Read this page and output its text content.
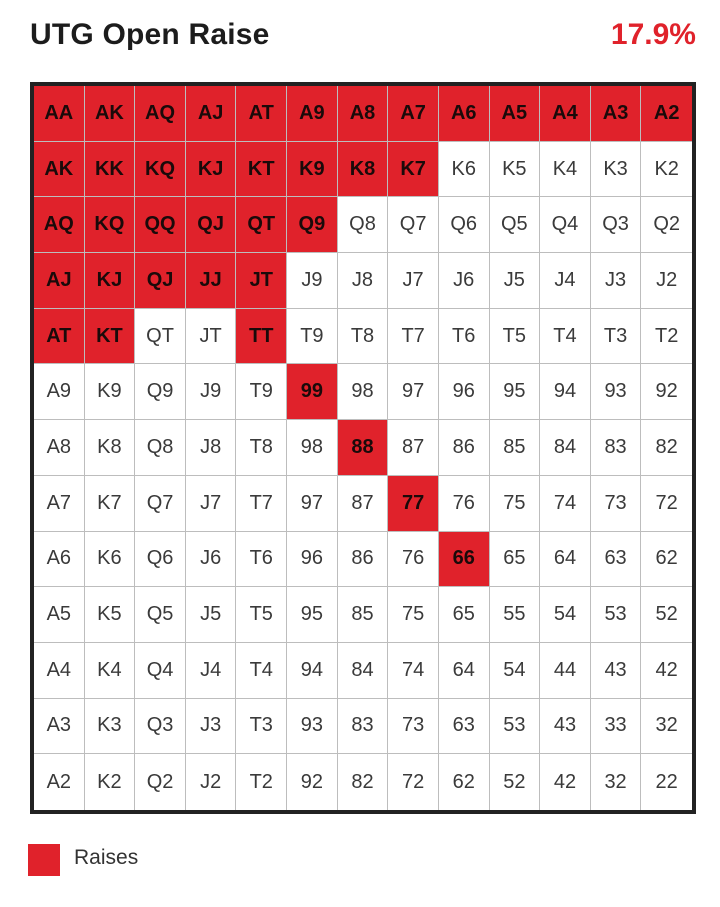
UTG Open Raise	17.9%
AA	AK	AQ	AJ	AT	A9	A8	A7	A6	A5	A4	A3	A2
AK	KK	KQ	KJ	KT	K9	K8	K7	K6	K5	K4	K3	K2
AQ	KQ	QQ	QJ	QT	Q9	Q8	Q7	Q6	Q5	Q4	Q3	Q2
AJ	KJ	QJ	JJ	JT	J9	J8	J7	J6	J5	J4	J3	J2
AT	KT	QT	JT	TT	T9	T8	T7	T6	T5	T4	T3	T2
A9	K9	Q9	J9	T9	99	98	97	96	95	94	93	92
A8	K8	Q8	J8	T8	98	88	87	86	85	84	83	82
A7	K7	Q7	J7	T7	97	87	77	76	75	74	73	72
A6	K6	Q6	J6	T6	96	86	76	66	65	64	63	62
A5	K5	Q5	J5	T5	95	85	75	65	55	54	53	52
A4	K4	Q4	J4	T4	94	84	74	64	54	44	43	42
A3	K3	Q3	J3	T3	93	83	73	63	53	43	33	32
A2	K2	Q2	J2	T2	92	82	72	62	52	42	32	22
Raises
